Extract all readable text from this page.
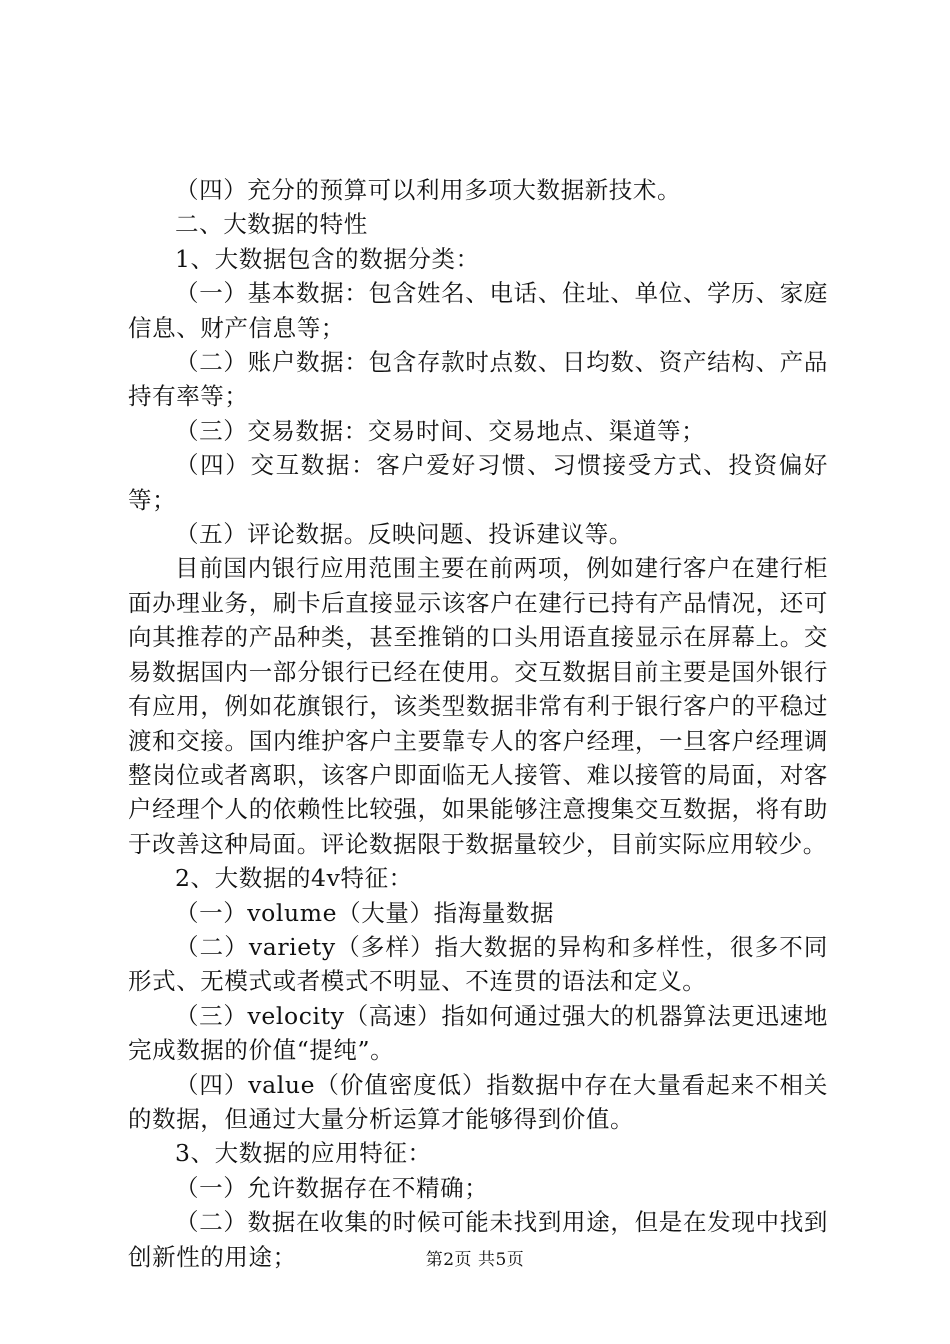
（四）充分的预算可以利用多项大数据新技术。

二、大数据的特性

1、大数据包含的数据分类：

（一）基本数据：包含姓名、电话、住址、单位、学历、家庭信息、财产信息等；

（二）账户数据：包含存款时点数、日均数、资产结构、产品持有率等；

（三）交易数据：交易时间、交易地点、渠道等；

（四）交互数据：客户爱好习惯、习惯接受方式、投资偏好等；

（五）评论数据。反映问题、投诉建议等。

目前国内银行应用范围主要在前两项，例如建行客户在建行柜面办理业务，刷卡后直接显示该客户在建行已持有产品情况，还可向其推荐的产品种类，甚至推销的口头用语直接显示在屏幕上。交易数据国内一部分银行已经在使用。交互数据目前主要是国外银行有应用，例如花旗银行，该类型数据非常有利于银行客户的平稳过渡和交接。国内维护客户主要靠专人的客户经理，一旦客户经理调整岗位或者离职，该客户即面临无人接管、难以接管的局面，对客户经理个人的依赖性比较强，如果能够注意搜集交互数据，将有助于改善这种局面。评论数据限于数据量较少，目前实际应用较少。

2、大数据的4v特征：

（一）volume（大量）指海量数据

（二）variety（多样）指大数据的异构和多样性，很多不同形式、无模式或者模式不明显、不连贯的语法和定义。

（三）velocity（高速）指如何通过强大的机器算法更迅速地完成数据的价值“提纯”。

（四）value（价值密度低）指数据中存在大量看起来不相关的数据，但通过大量分析运算才能够得到价值。

3、大数据的应用特征：

（一）允许数据存在不精确；

（二）数据在收集的时候可能未找到用途，但是在发现中找到创新性的用途；	第2页 共5页
